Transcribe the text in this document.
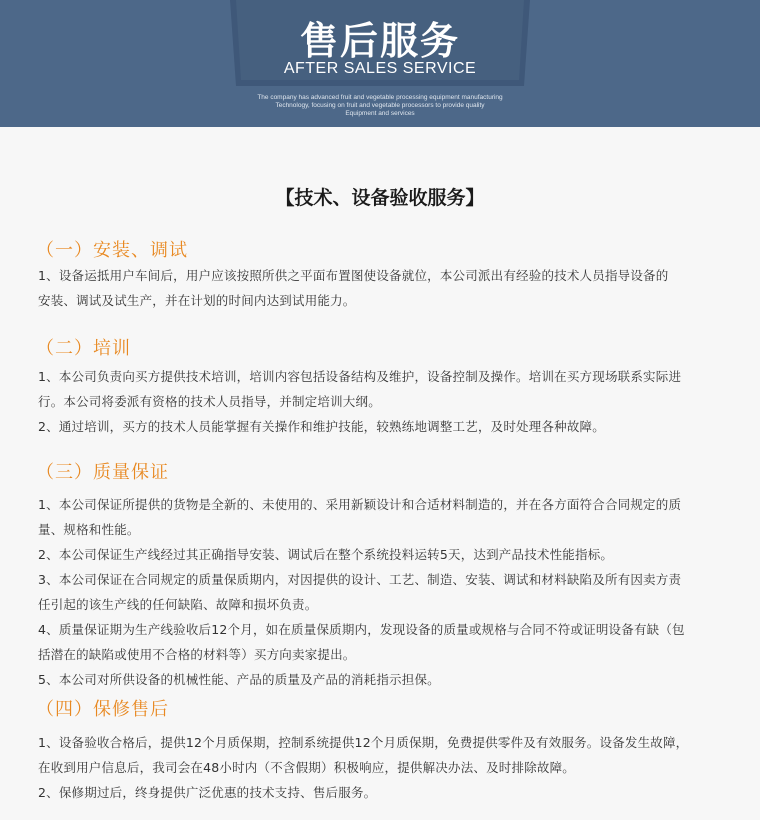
售后服务
AFTER SALES SERVICE
The company has advanced fruit and vegetable processing equipment manufacturing
Technology, focusing on fruit and vegetable processors to provide quality
Equipment and services
【技术、设备验收服务】
（一）安装、调试
1、设备运抵用户车间后，用户应该按照所供之平面布置图使设备就位，本公司派出有经验的技术人员指导设备的
安装、调试及试生产，并在计划的时间内达到试用能力。
（二）培训
1、本公司负责向买方提供技术培训，培训内容包括设备结构及维护，设备控制及操作。培训在买方现场联系实际进
行。本公司将委派有资格的技术人员指导，并制定培训大纲。
2、通过培训，买方的技术人员能掌握有关操作和维护技能，较熟练地调整工艺，及时处理各种故障。
（三）质量保证
1、本公司保证所提供的货物是全新的、未使用的、采用新颖设计和合适材料制造的，并在各方面符合合同规定的质
量、规格和性能。
2、本公司保证生产线经过其正确指导安装、调试后在整个系统投料运转5天，达到产品技术性能指标。
3、本公司保证在合同规定的质量保质期内，对因提供的设计、工艺、制造、安装、调试和材料缺陷及所有因卖方责
任引起的该生产线的任何缺陷、故障和损坏负责。
4、质量保证期为生产线验收后12个月，如在质量保质期内，发现设备的质量或规格与合同不符或证明设备有缺（包
括潜在的缺陷或使用不合格的材料等）买方向卖家提出。
5、本公司对所供设备的机械性能、产品的质量及产品的消耗指示担保。
（四）保修售后
1、设备验收合格后，提供12个月质保期，控制系统提供12个月质保期，免费提供零件及有效服务。设备发生故障，
在收到用户信息后，我司会在48小时内（不含假期）积极响应，提供解决办法、及时排除故障。
2、保修期过后，终身提供广泛优惠的技术支持、售后服务。
